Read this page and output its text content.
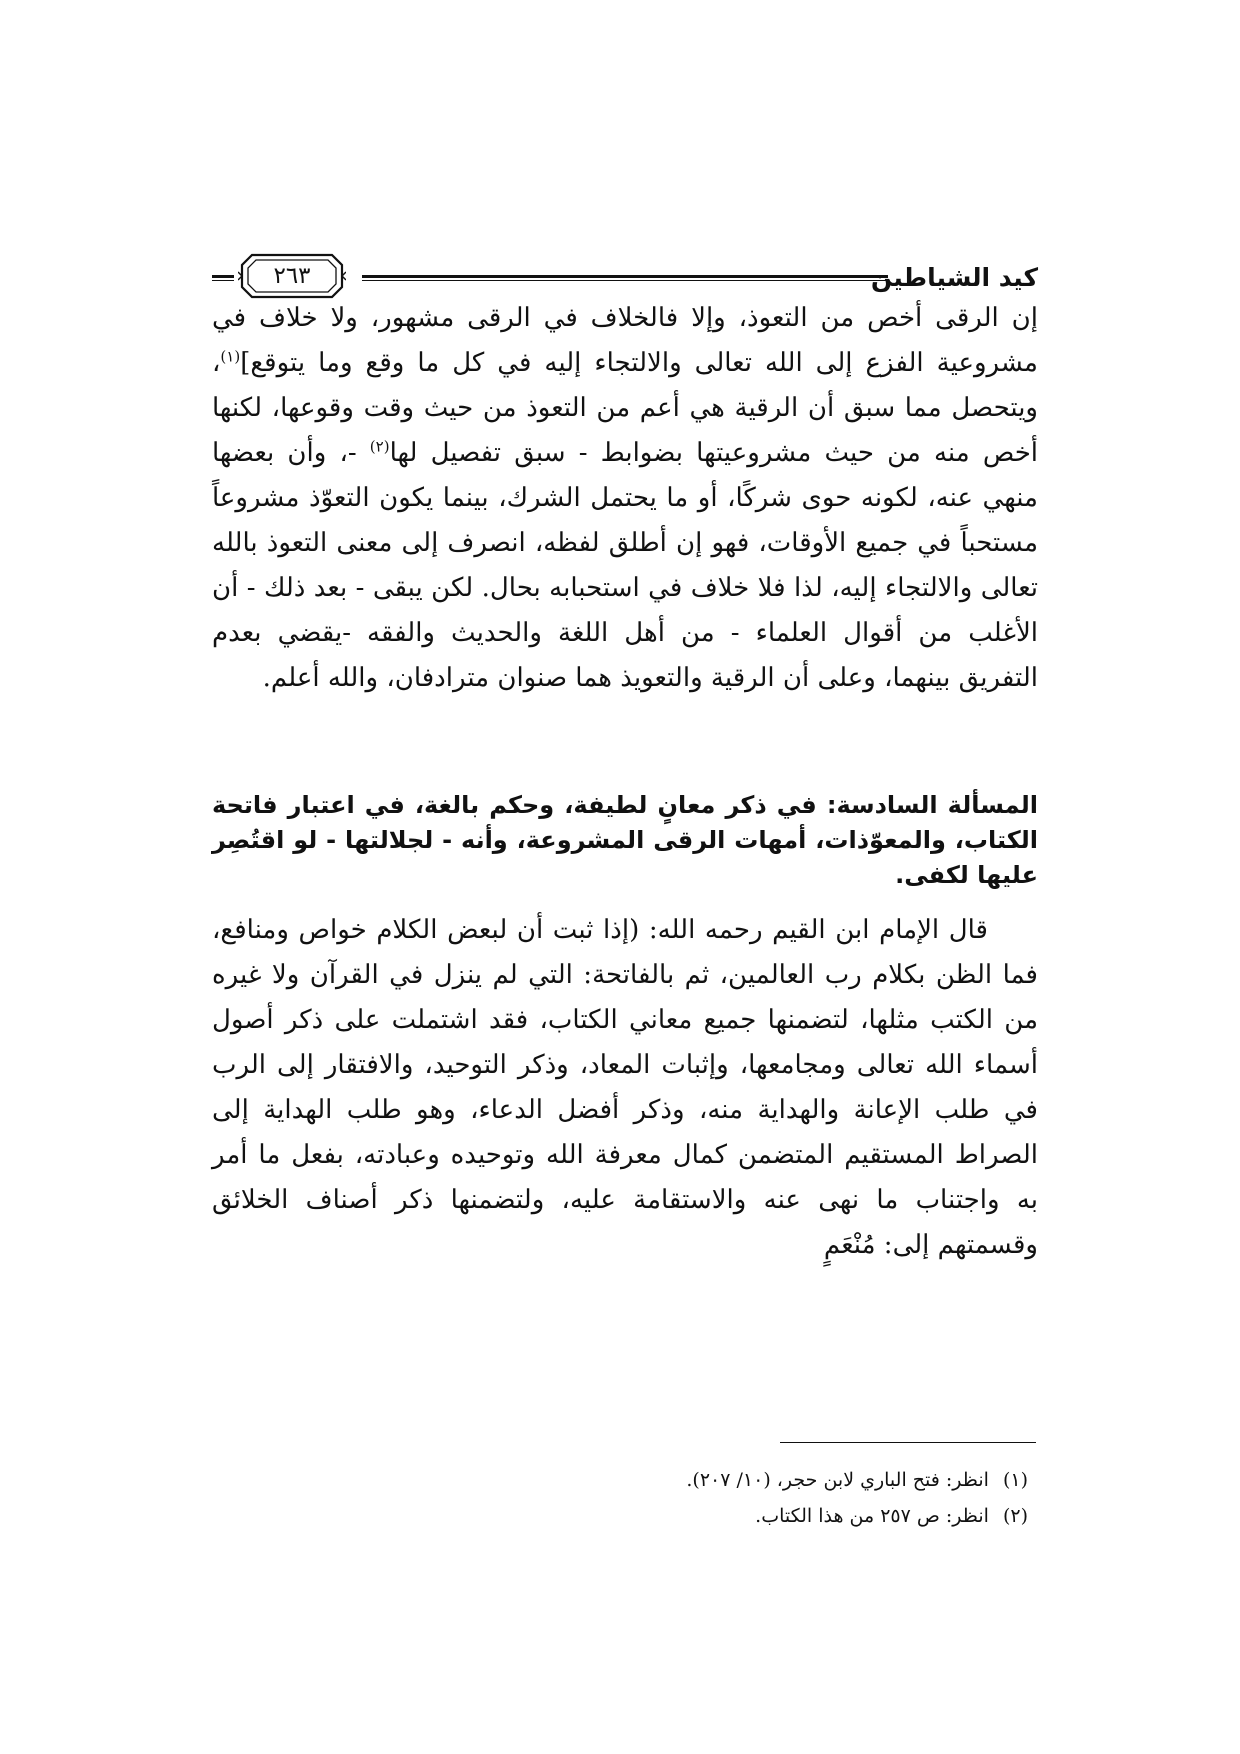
كيد الشياطين
٢٦٣

إن الرقى أخص من التعوذ، وإلا فالخلاف في الرقى مشهور، ولا خلاف في مشروعية الفزع إلى الله تعالى والالتجاء إليه في كل ما وقع وما يتوقع]$^{(١)}$، ويتحصل مما سبق أن الرقية هي أعم من التعوذ من حيث وقت وقوعها، لكنها أخص منه من حيث مشروعيتها بضوابط - سبق تفصيل لها$^{(٢)}$ -، وأن بعضها منهي عنه، لكونه حوى شركًا، أو ما يحتمل الشرك، بينما يكون التعوّذ مشروعاً مستحباً في جميع الأوقات، فهو إن أطلق لفظه، انصرف إلى معنى التعوذ بالله تعالى والالتجاء إليه، لذا فلا خلاف في استحبابه بحال. لكن يبقى - بعد ذلك - أن الأغلب من أقوال العلماء - من أهل اللغة والحديث والفقه -يقضي بعدم التفريق بينهما، وعلى أن الرقية والتعويذ هما صنوان مترادفان، والله أعلم.

المسألة السادسة: في ذكر معانٍ لطيفة، وحكم بالغة، في اعتبار فاتحة الكتاب، والمعوّذات، أمهات الرقى المشروعة، وأنه - لجلالتها - لو اقتُصِر عليها لكفى.

قال الإمام ابن القيم رحمه الله: (إذا ثبت أن لبعض الكلام خواص ومنافع، فما الظن بكلام رب العالمين، ثم بالفاتحة: التي لم ينزل في القرآن ولا غيره من الكتب مثلها، لتضمنها جميع معاني الكتاب، فقد اشتملت على ذكر أصول أسماء الله تعالى ومجامعها، وإثبات المعاد، وذكر التوحيد، والافتقار إلى الرب في طلب الإعانة والهداية منه، وذكر أفضل الدعاء، وهو طلب الهداية إلى الصراط المستقيم المتضمن كمال معرفة الله وتوحيده وعبادته، بفعل ما أمر به واجتناب ما نهى عنه والاستقامة عليه، ولتضمنها ذكر أصناف الخلائق وقسمتهم إلى: مُنْعَمٍ

(١)انظر: فتح الباري لابن حجر، (١٠/ ٢٠٧).

(٢)انظر: ص ٢٥٧ من هذا الكتاب.
